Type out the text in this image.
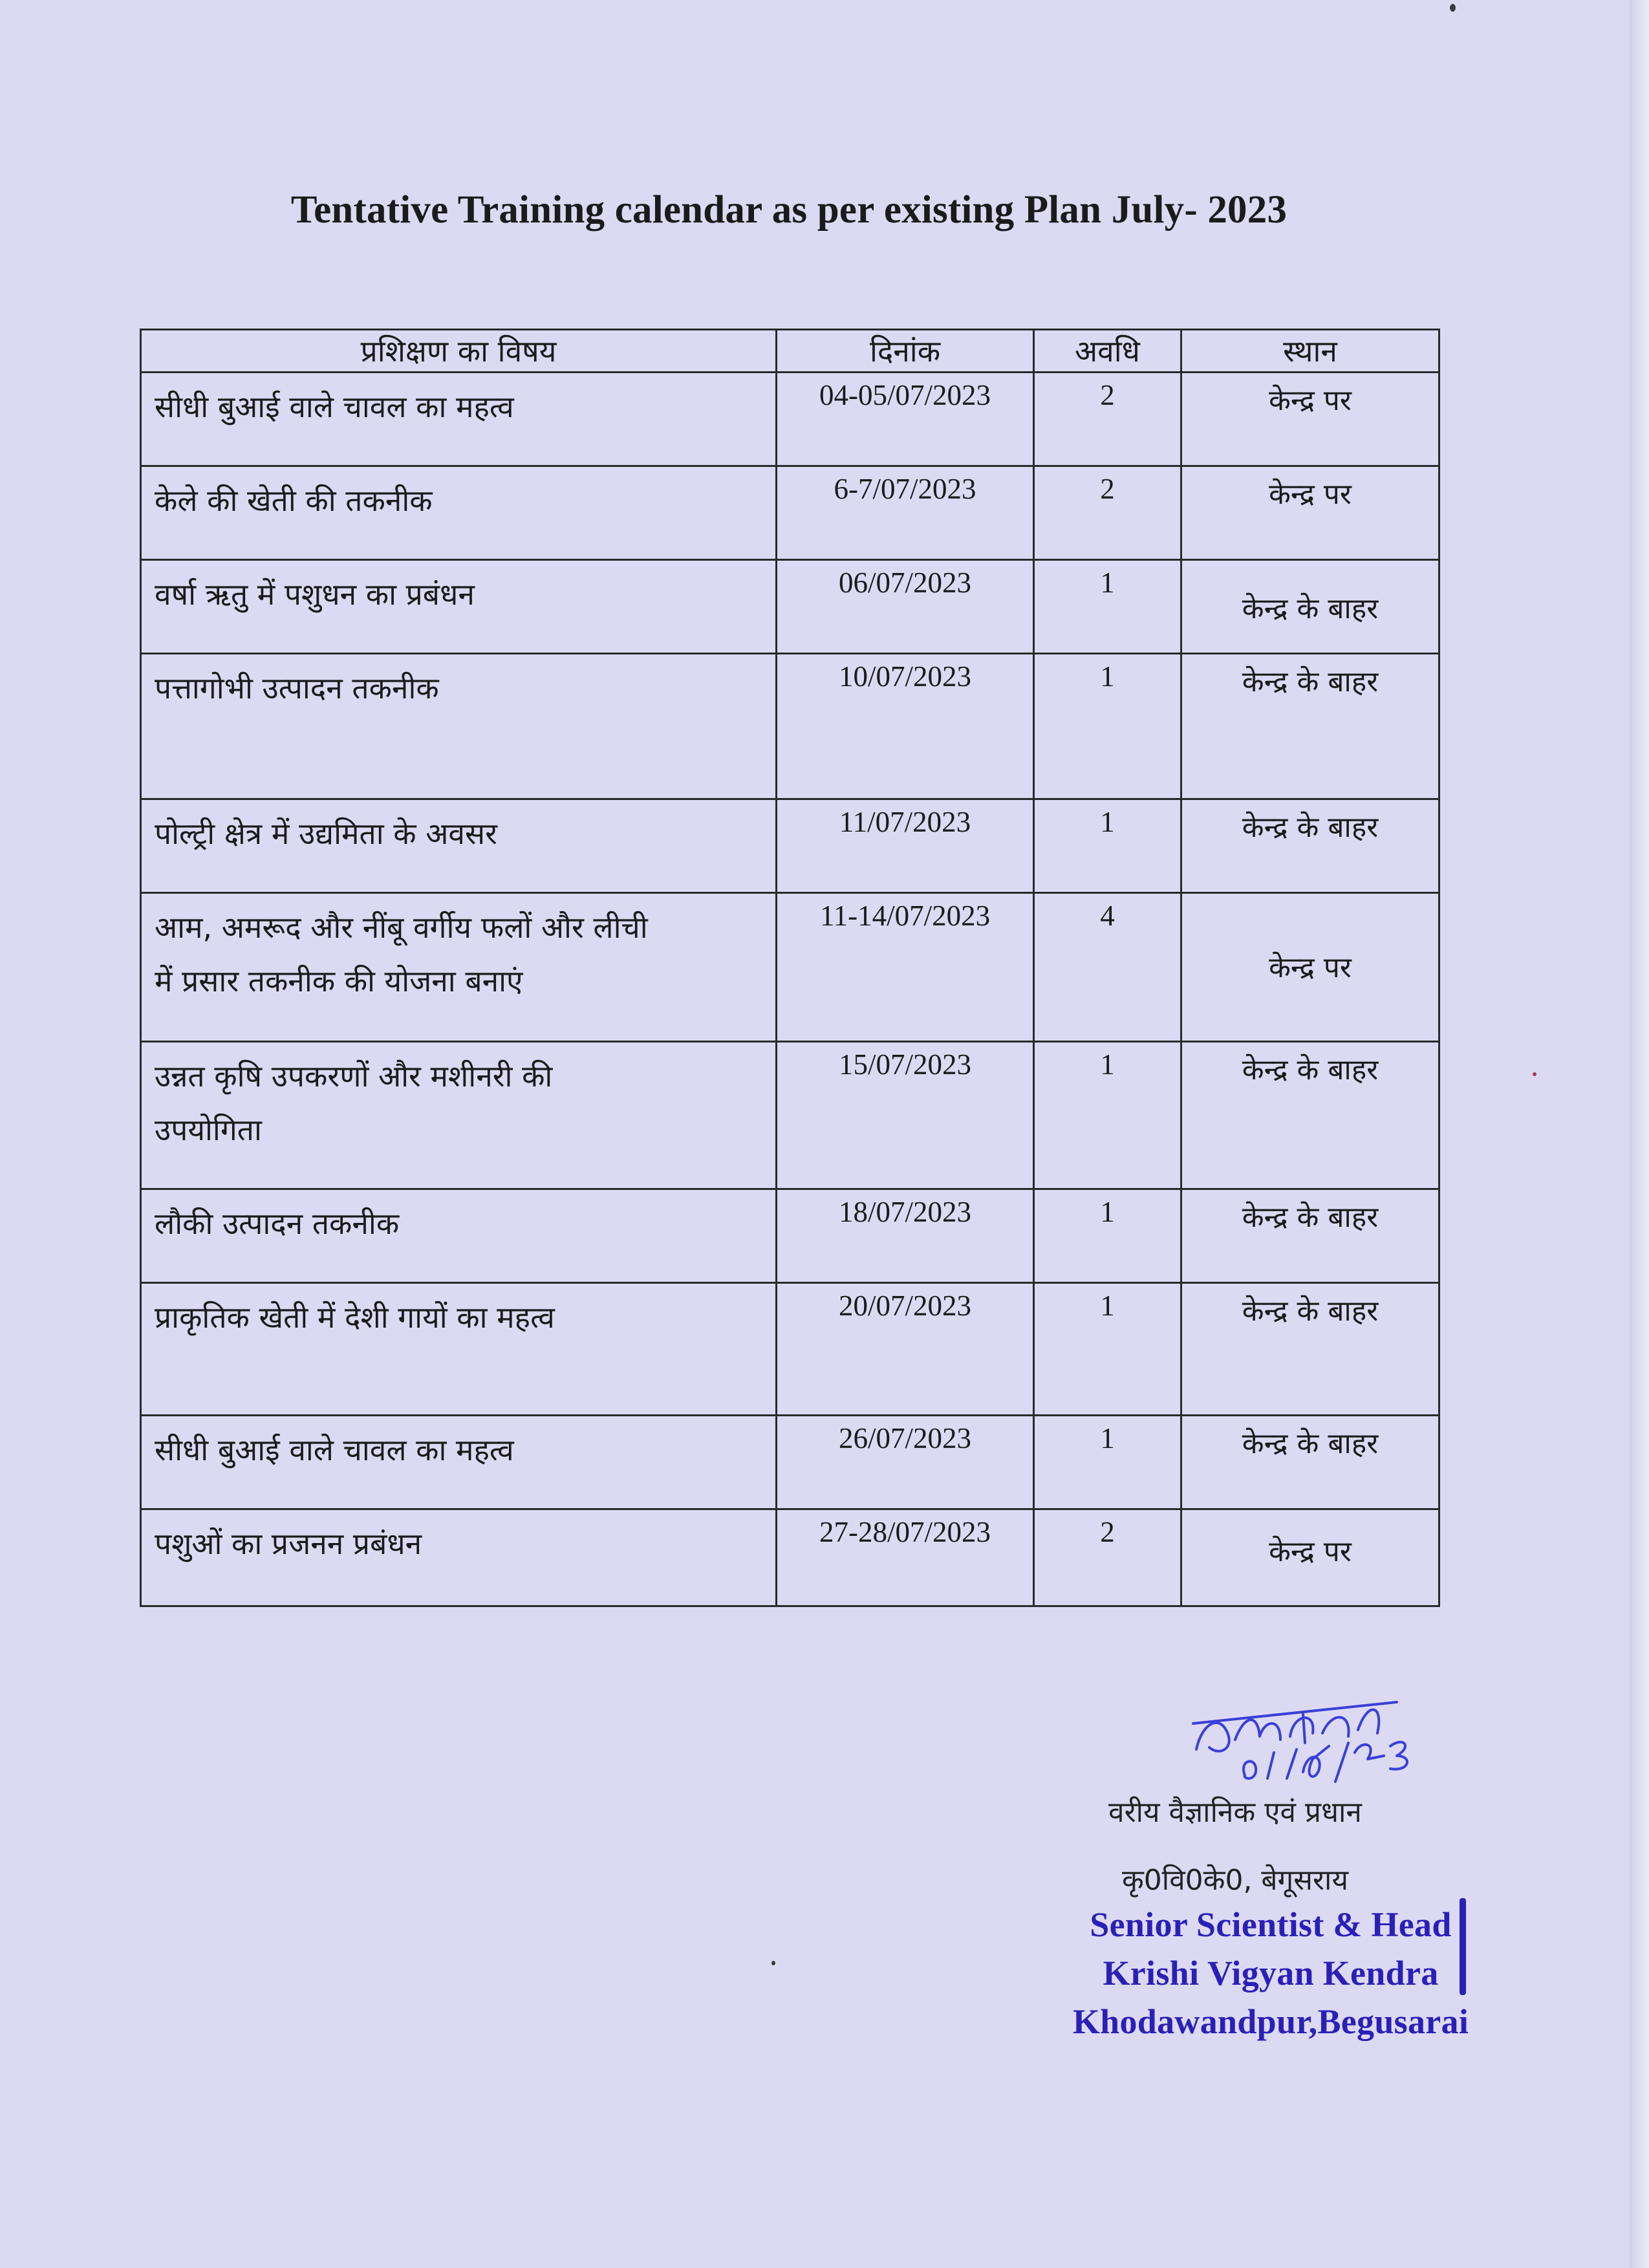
Tentative Training calendar as per existing Plan July- 2023
प्रशिक्षण का विषय	दिनांक	अवधि	स्थान
सीधी बुआई वाले चावल का महत्व	04-05/07/2023	2	केन्द्र पर
केले की खेती की तकनीक	6-7/07/2023	2	केन्द्र पर
वर्षा ऋतु में पशुधन का प्रबंधन	06/07/2023	1	केन्द्र के बाहर
पत्तागोभी उत्पादन तकनीक	10/07/2023	1	केन्द्र के बाहर
पोल्ट्री क्षेत्र में उद्यमिता के अवसर	11/07/2023	1	केन्द्र के बाहर

आम, अमरूद और नींबू वर्गीय फलों और लीची
में प्रसार तकनीक की योजना बनाएं	11-14/07/2023	4	केन्द्र पर

उन्नत कृषि उपकरणों और मशीनरी की
उपयोगिता	15/07/2023	1	केन्द्र के बाहर
लौकी उत्पादन तकनीक	18/07/2023	1	केन्द्र के बाहर
प्राकृतिक खेती में देशी गायों का महत्व	20/07/2023	1	केन्द्र के बाहर
सीधी बुआई वाले चावल का महत्व	26/07/2023	1	केन्द्र के बाहर
पशुओं का प्रजनन प्रबंधन	27-28/07/2023	2	केन्द्र पर
वरीय वैज्ञानिक एवं प्रधान
कृ0वि0के0, बेगूसराय
Senior Scientist & Head
Krishi Vigyan Kendra
Khodawandpur,Begusarai
